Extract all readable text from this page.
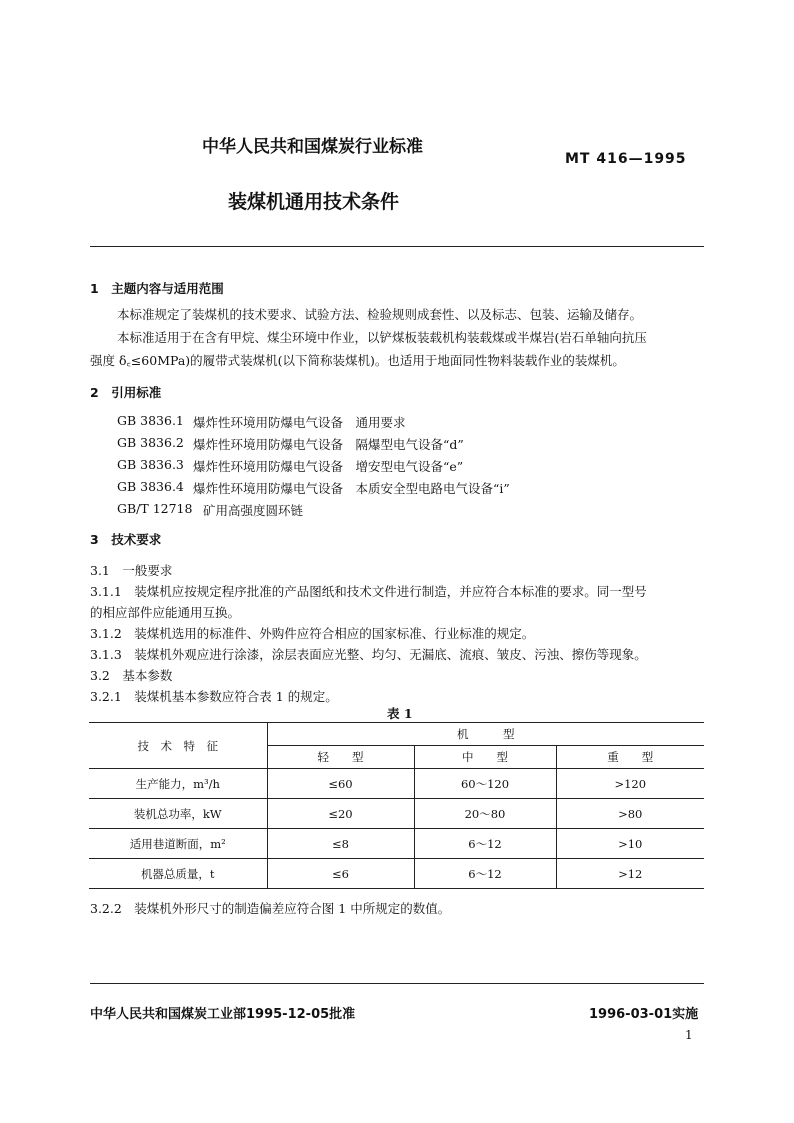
中华人民共和国煤炭行业标准
MT 416—1995
装煤机通用技术条件
1　主题内容与适用范围
本标准规定了装煤机的技术要求、试验方法、检验规则成套性、以及标志、包装、运输及储存。
本标准适用于在含有甲烷、煤尘环境中作业，以铲煤板装载机构装载煤或半煤岩(岩石单轴向抗压
强度 δ꜀≤60MPa)的履带式装煤机(以下简称装煤机)。也适用于地面同性物料装载作业的装煤机。
2　引用标准
GB 3836.1 爆炸性环境用防爆电气设备　通用要求
GB 3836.2 爆炸性环境用防爆电气设备　隔爆型电气设备“d”
GB 3836.3 爆炸性环境用防爆电气设备　增安型电气设备“e”
GB 3836.4 爆炸性环境用防爆电气设备　本质安全型电路电气设备“i”
GB/T 12718 矿用高强度圆环链
3　技术要求
3.1　一般要求
3.1.1　装煤机应按规定程序批准的产品图纸和技术文件进行制造，并应符合本标准的要求。同一型号
的相应部件应能通用互换。
3.1.2　装煤机选用的标准件、外购件应符合相应的国家标准、行业标准的规定。
3.1.3　装煤机外观应进行涂漆，涂层表面应光整、均匀、无漏底、流痕、皱皮、污浊、擦伤等现象。
3.2　基本参数
3.2.1　装煤机基本参数应符合表 1 的规定。
表 1
技　术　特　征	机　　　型		
	轻　　型	中　　型	重　　型
生产能力，m³/h	≤60	60～120	>120
装机总功率，kW	≤20	20～80	>80
适用巷道断面，m²	≤8	6～12	>10
机器总质量，t	≤6	6～12	>12
3.2.2　装煤机外形尺寸的制造偏差应符合图 1 中所规定的数值。
中华人民共和国煤炭工业部1995-12-05批准	1996-03-01实施
1
